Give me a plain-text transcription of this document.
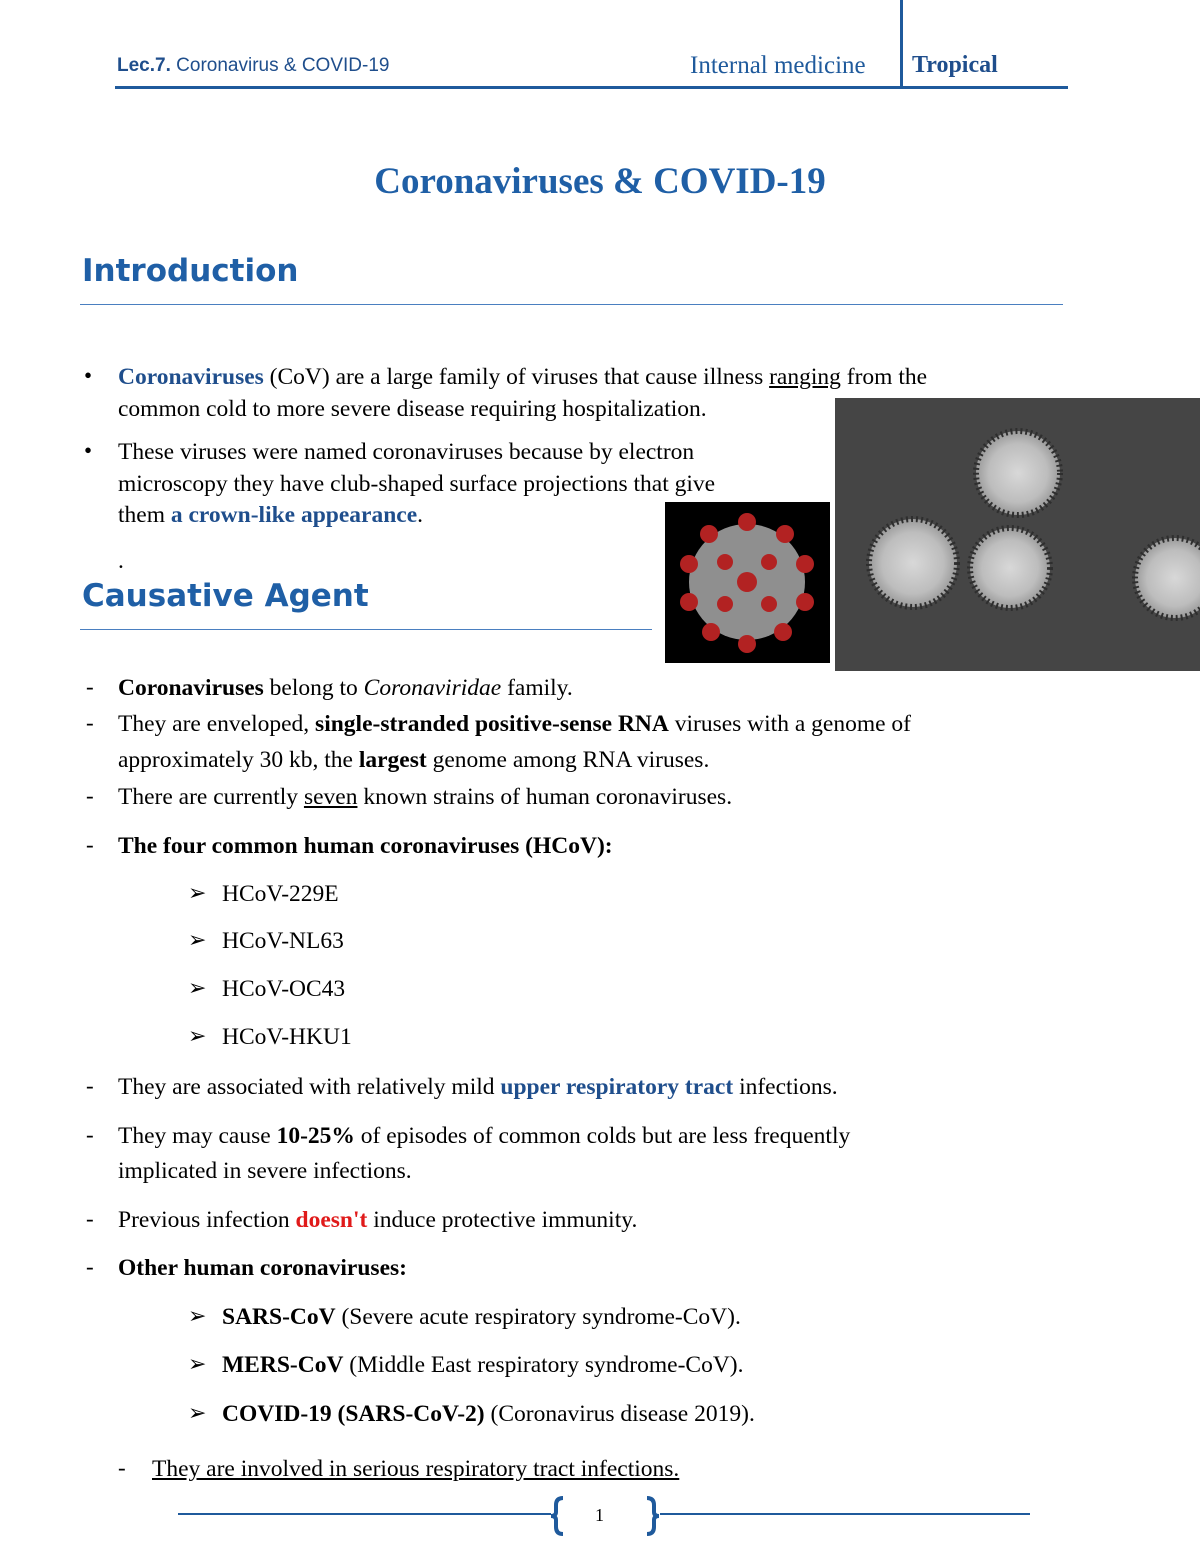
Lec.7. Coronavirus & COVID-19	Internal medicine Tropical
Coronaviruses & COVID-19
Introduction
• Coronaviruses (CoV) are a large family of viruses that cause illness ranging from the
common cold to more severe disease requiring hospitalization.
• These viruses were named coronaviruses because by electron
microscopy they have club-shaped surface projections that give
them a crown-like appearance.
.
Causative Agent
- Coronaviruses belong to Coronaviridae family.
- They are enveloped, single-stranded positive-sense RNA viruses with a genome of
approximately 30 kb, the largest genome among RNA viruses.
- There are currently seven known strains of human coronaviruses.
- The four common human coronaviruses (HCoV):
➢ HCoV-229E
➢ HCoV-NL63
➢ HCoV-OC43
➢ HCoV-HKU1
- They are associated with relatively mild upper respiratory tract infections.
- They may cause 10-25% of episodes of common colds but are less frequently
implicated in severe infections.
- Previous infection doesn't induce protective immunity.
- Other human coronaviruses:
➢ SARS-CoV (Severe acute respiratory syndrome-CoV).
➢ MERS-CoV (Middle East respiratory syndrome-CoV).
➢ COVID-19 (SARS-CoV-2) (Coronavirus disease 2019).
- They are involved in serious respiratory tract infections.
1
